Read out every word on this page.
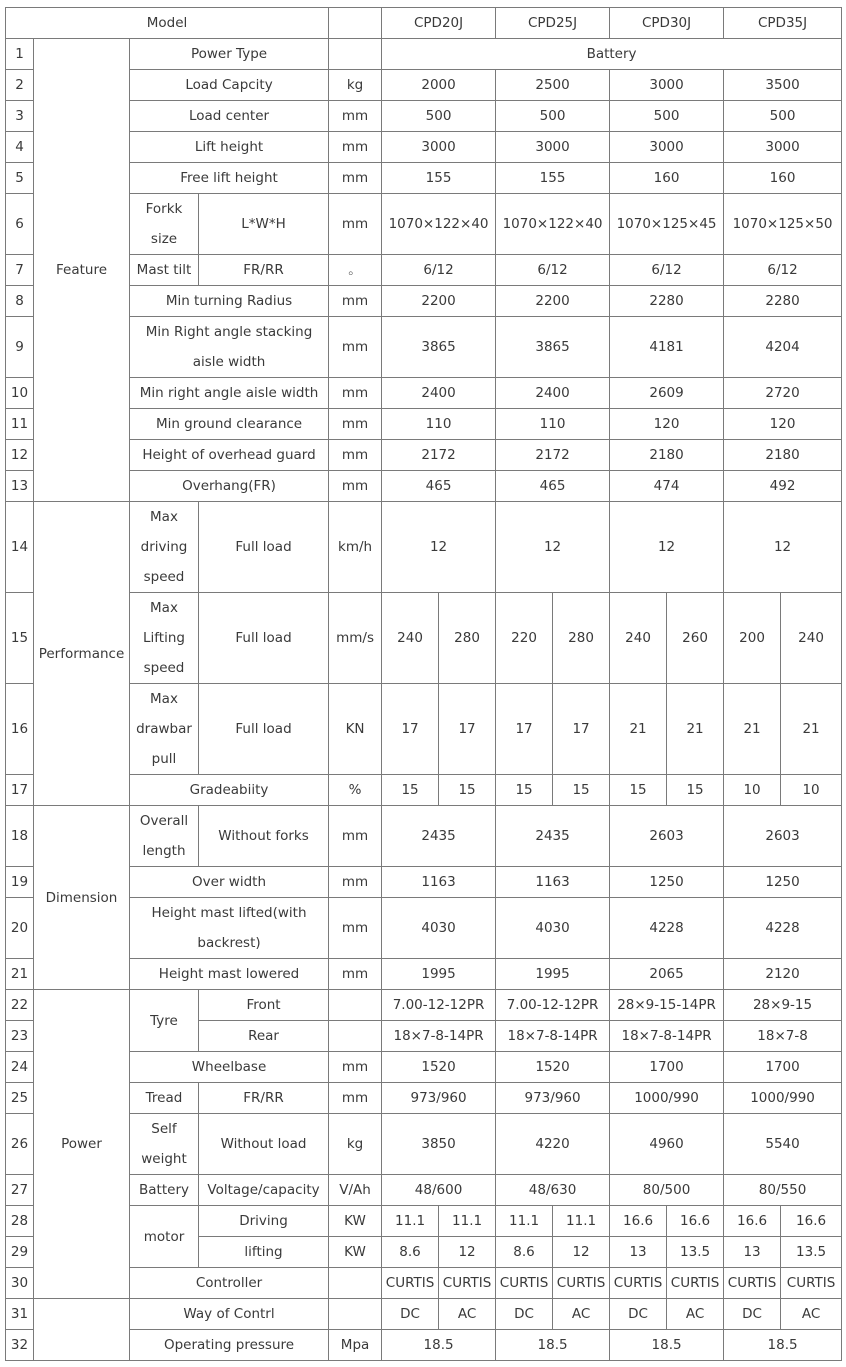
Model					CPD20J		CPD25J		CPD30J		CPD35J	
1	Feature	Power Type			Battery							
2		Load Capcity		kg	2000		2500		3000		3500	
3		Load center		mm	500		500		500		500	
4		Lift height		mm	3000		3000		3000		3000	
5		Free lift height		mm	155		155		160		160	
6		Forkk size	L*W*H	mm	1070×122×40		1070×122×40		1070×125×45		1070×125×50	
7		Mast tilt	FR/RR	。	6/12		6/12		6/12		6/12	
8		Min turning Radius		mm	2200		2200		2280		2280	
9		Min Right angle stacking aisle width		mm	3865		3865		4181		4204	
10		Min right angle aisle width		mm	2400		2400		2609		2720	
11		Min ground clearance		mm	110		110		120		120	
12		Height of overhead guard		mm	2172		2172		2180		2180	
13		Overhang(FR)		mm	465		465		474		492	
14	Performance	Max driving speed	Full load	km/h	12		12		12		12	
15		Max Lifting speed	Full load	mm/s	240	280	220	280	240	260	200	240
16		Max drawbar pull	Full load	KN	17	17	17	17	21	21	21	21
17		Gradeabiity		%	15	15	15	15	15	15	10	10
18	Dimension	Overall length	Without forks	mm	2435		2435		2603		2603	
19		Over width		mm	1163		1163		1250		1250	
20		Height mast lifted(with backrest)		mm	4030		4030		4228		4228	
21		Height mast lowered		mm	1995		1995		2065		2120	
22	Power	Tyre	Front		7.00-12-12PR		7.00-12-12PR		28×9-15-14PR		28×9-15	
23			Rear		18×7-8-14PR		18×7-8-14PR		18×7-8-14PR		18×7-8	
24		Wheelbase		mm	1520		1520		1700		1700	
25		Tread	FR/RR	mm	973/960		973/960		1000/990		1000/990	
26		Self weight	Without load	kg	3850		4220		4960		5540	
27		Battery	Voltage/capacity	V/Ah	48/600		48/630		80/500		80/550	
28		motor	Driving	KW	11.1	11.1	11.1	11.1	16.6	16.6	16.6	16.6
29			lifting	KW	8.6	12	8.6	12	13	13.5	13	13.5
30		Controller			CURTIS	CURTIS	CURTIS	CURTIS	CURTIS	CURTIS	CURTIS	CURTIS
31		Way of Contrl			DC	AC	DC	AC	DC	AC	DC	AC
32		Operating pressure		Mpa	18.5		18.5		18.5		18.5	
